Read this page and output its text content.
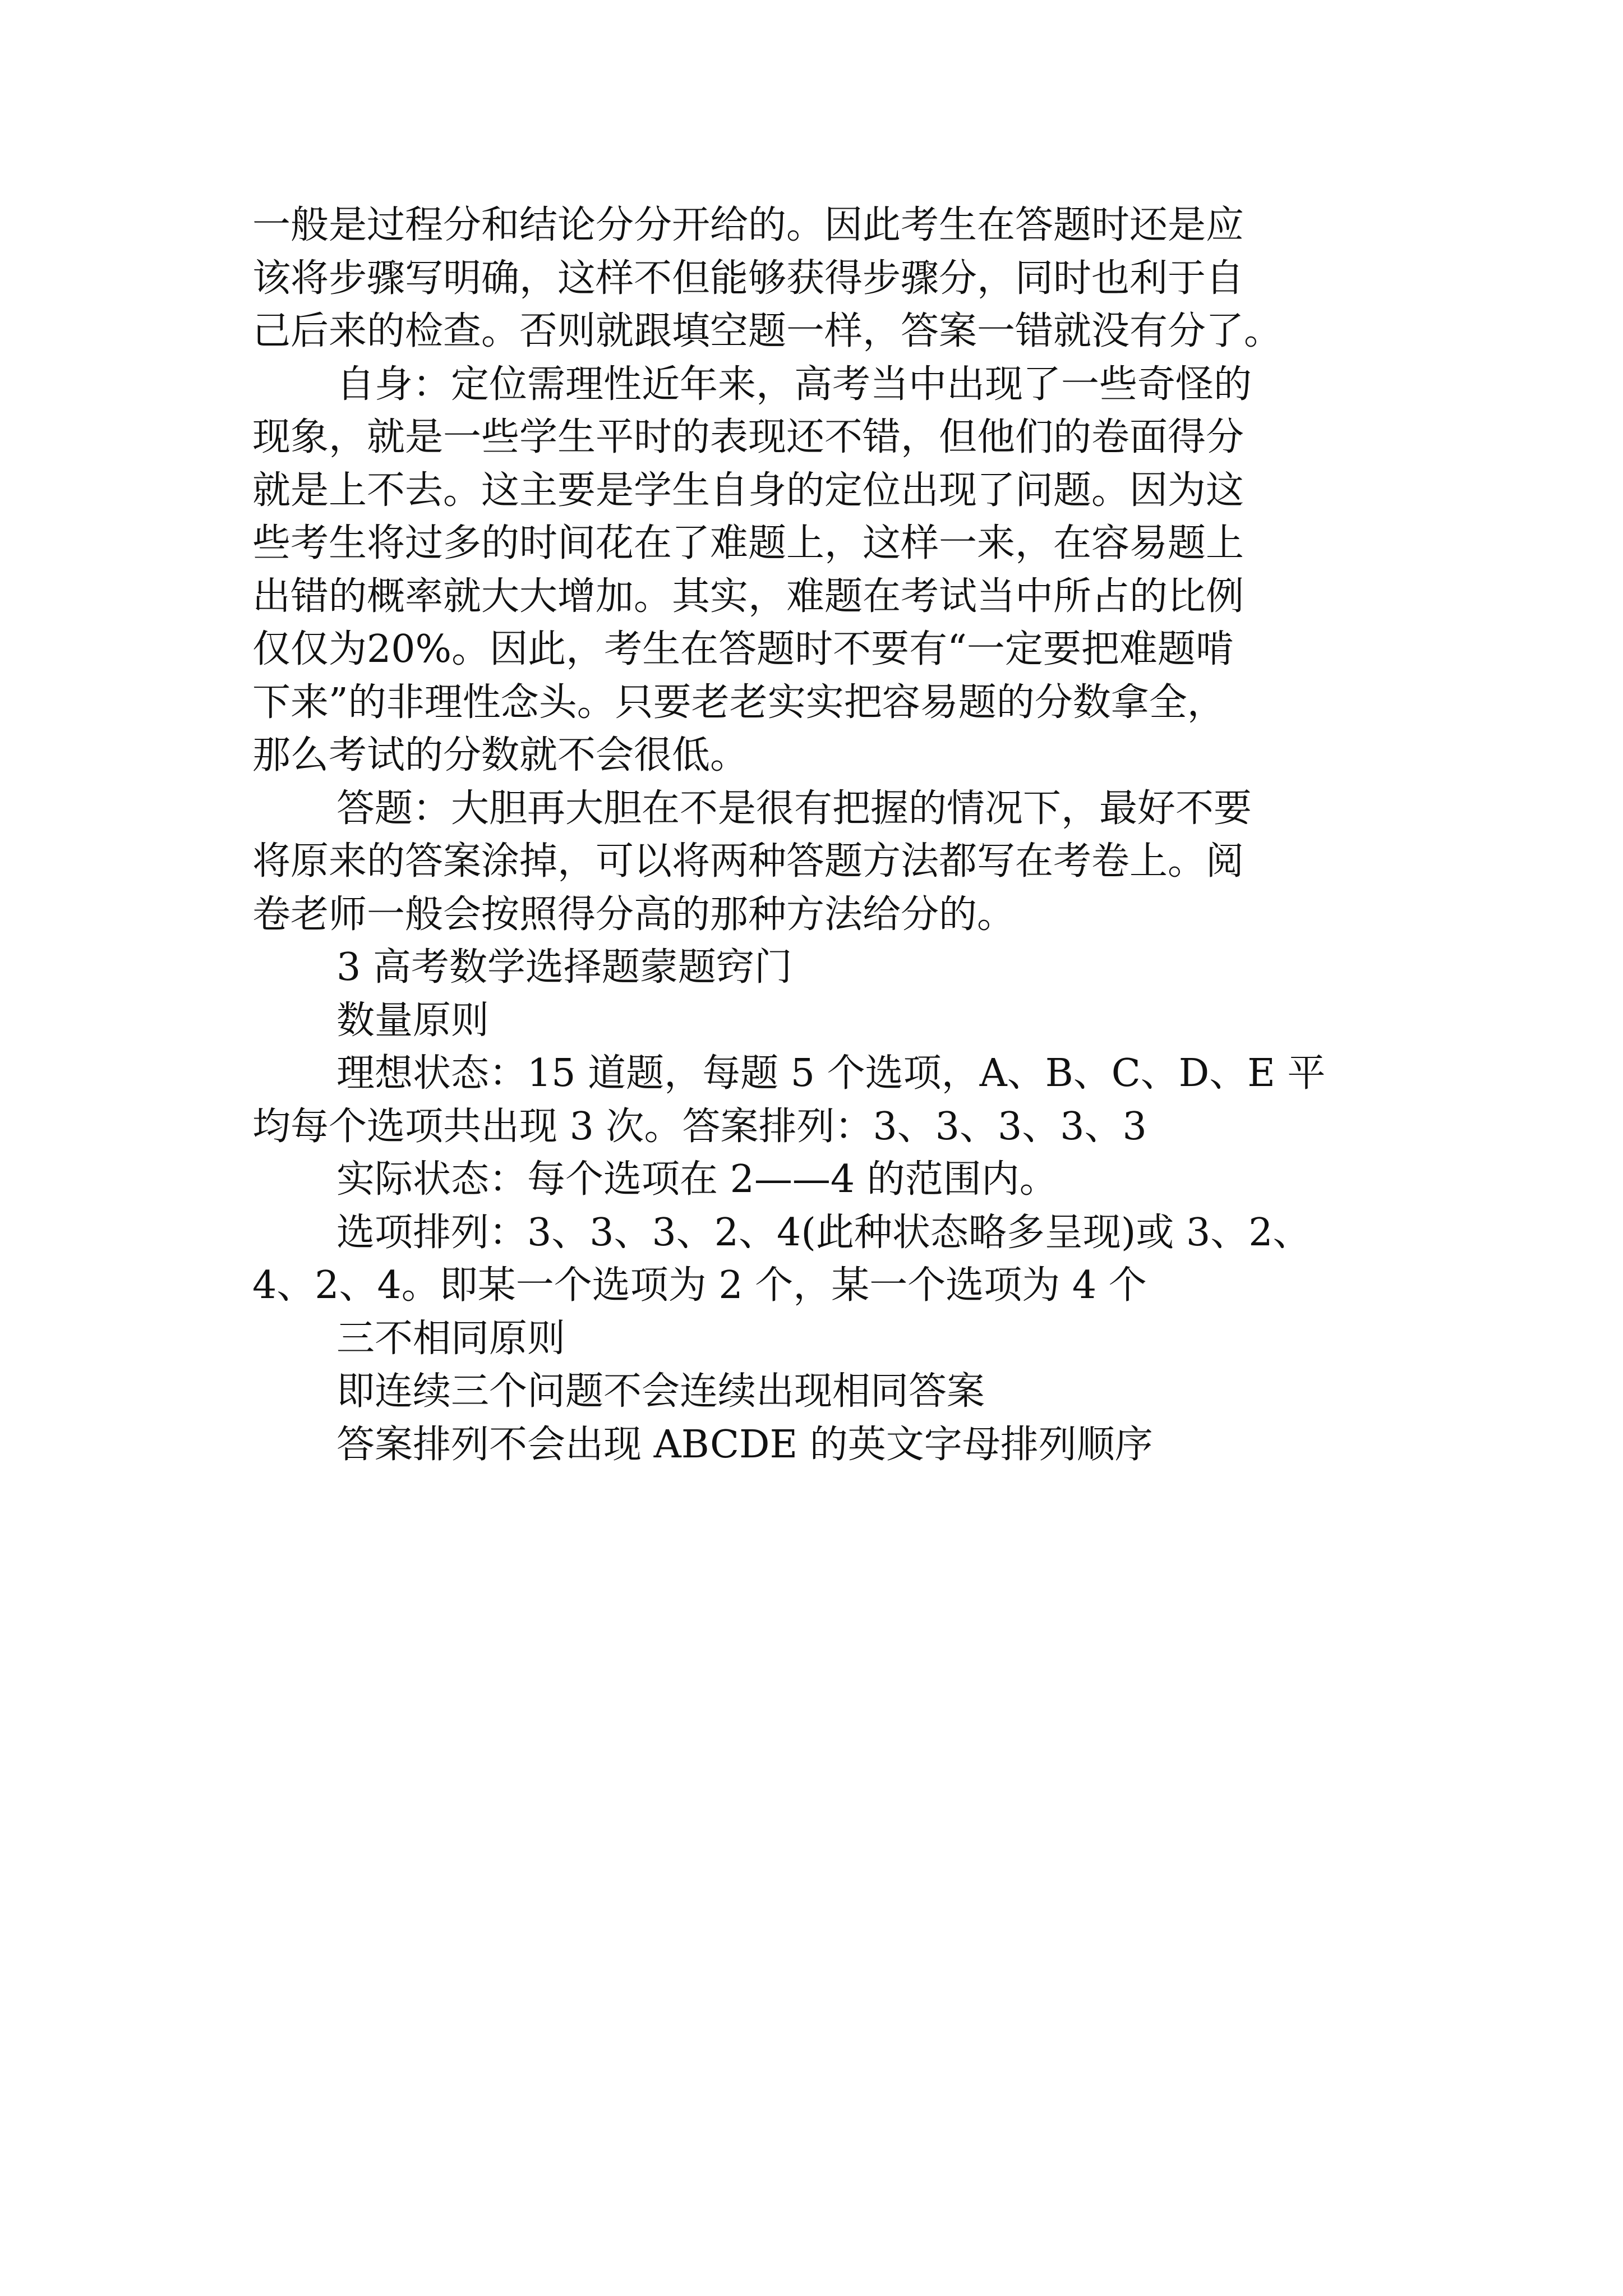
一般是过程分和结论分分开给的。因此考生在答题时还是应
该将步骤写明确，这样不但能够获得步骤分，同时也利于自
己后来的检查。否则就跟填空题一样，答案一错就没有分了。
自身：定位需理性近年来，高考当中出现了一些奇怪的
现象，就是一些学生平时的表现还不错，但他们的卷面得分
就是上不去。这主要是学生自身的定位出现了问题。因为这
些考生将过多的时间花在了难题上，这样一来，在容易题上
出错的概率就大大增加。其实，难题在考试当中所占的比例
仅仅为20%。因此，考生在答题时不要有“一定要把难题啃
下来”的非理性念头。只要老老实实把容易题的分数拿全，
那么考试的分数就不会很低。
答题：大胆再大胆在不是很有把握的情况下，最好不要
将原来的答案涂掉，可以将两种答题方法都写在考卷上。阅
卷老师一般会按照得分高的那种方法给分的。
3 高考数学选择题蒙题窍门
数量原则
理想状态：15 道题，每题 5 个选项，A、B、C、D、E 平
均每个选项共出现 3 次。答案排列：3、3、3、3、3
实际状态：每个选项在 2——4 的范围内。
选项排列：3、3、3、2、4(此种状态略多呈现)或 3、2、
4、2、4。即某一个选项为 2 个，某一个选项为 4 个
三不相同原则
即连续三个问题不会连续出现相同答案
答案排列不会出现 ABCDE 的英文字母排列顺序
